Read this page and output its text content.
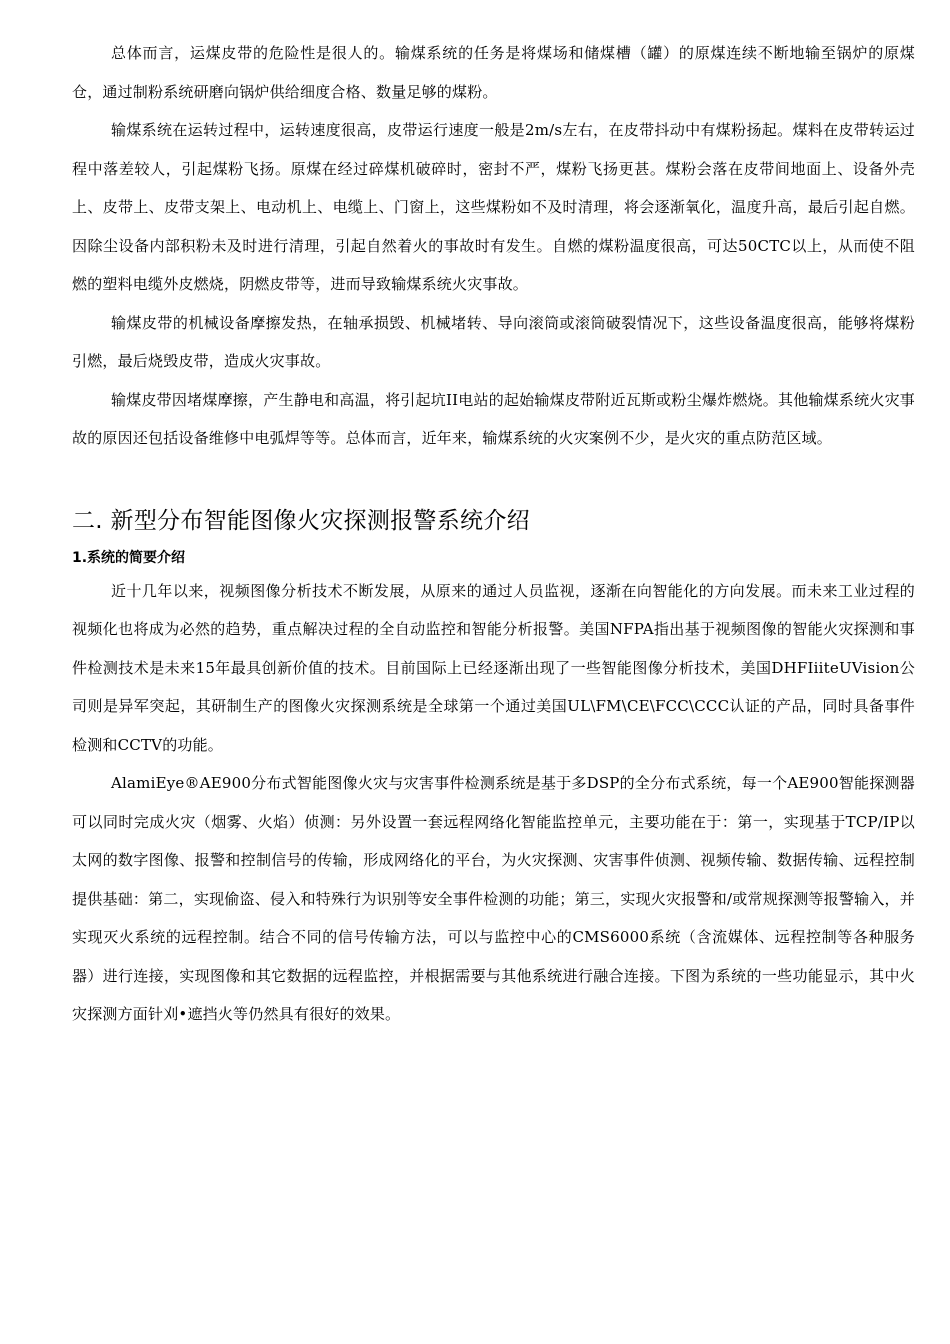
总体而言，运煤皮带的危险性是很人的。输煤系统的任务是将煤场和储煤槽（罐）的原煤连续不断地输至锅炉的原煤仓，通过制粉系统研磨向锅炉供给细度合格、数量足够的煤粉。

输煤系统在运转过程中，运转速度很高，皮带运行速度一般是2m/s左右，在皮带抖动中有煤粉扬起。煤料在皮带转运过程中落差较人，引起煤粉飞扬。原煤在经过碎煤机破碎时，密封不严，煤粉飞扬更甚。煤粉会落在皮带间地面上、设备外壳上、皮带上、皮带支架上、电动机上、电缆上、门窗上，这些煤粉如不及时清理，将会逐渐氧化，温度升高，最后引起自燃。因除尘设备内部积粉未及时进行清理，引起自然着火的事故时有发生。自燃的煤粉温度很高，可达50CTC以上，从而使不阻燃的塑料电缆外皮燃烧，阴燃皮带等，进而导致输煤系统火灾事故。

输煤皮带的机械设备摩擦发热，在轴承损毁、机械堵转、导向滚筒或滚筒破裂情况下，这些设备温度很高，能够将煤粉引燃，最后烧毁皮带，造成火灾事故。

输煤皮带因堵煤摩擦，产生静电和高温，将引起坑II电站的起始输煤皮带附近瓦斯或粉尘爆炸燃烧。其他输煤系统火灾事故的原因还包括设备维修中电弧焊等等。总体而言，近年来，输煤系统的火灾案例不少，是火灾的重点防范区域。

二. 新型分布智能图像火灾探测报警系统介绍
1.系统的简要介绍

近十几年以来，视频图像分析技术不断发展，从原来的通过人员监视，逐渐在向智能化的方向发展。而未来工业过程的视频化也将成为必然的趋势，重点解决过程的全自动监控和智能分析报警。美国NFPA指出基于视频图像的智能火灾探测和事件检测技术是未来15年最具创新价值的技术。目前国际上已经逐渐出现了一些智能图像分析技术，美国DHFIiiteUVision公司则是异军突起，其研制生产的图像火灾探测系统是全球第一个通过美国UL\FM\CE\FCC\CCC认证的产品，同时具备事件检测和CCTV的功能。

AlamiEye®AE900分布式智能图像火灾与灾害事件检测系统是基于多DSP的全分布式系统，每一个AE900智能探测器可以同时完成火灾（烟雾、火焰）侦测：另外设置一套远程网络化智能监控单元，主要功能在于：第一，实现基于TCP/IP以太网的数字图像、报警和控制信号的传输，形成网络化的平台，为火灾探测、灾害事件侦测、视频传输、数据传输、远程控制提供基础：第二，实现偷盗、侵入和特殊行为识别等安全事件检测的功能；第三，实现火灾报警和/或常规探测等报警输入，并实现灭火系统的远程控制。结合不同的信号传输方法，可以与监控中心的CMS6000系统（含流媒体、远程控制等各种服务器）进行连接，实现图像和其它数据的远程监控，并根据需要与其他系统进行融合连接。下图为系统的一些功能显示，其中火灾探测方面针刈•遮挡火等仍然具有很好的效果。
